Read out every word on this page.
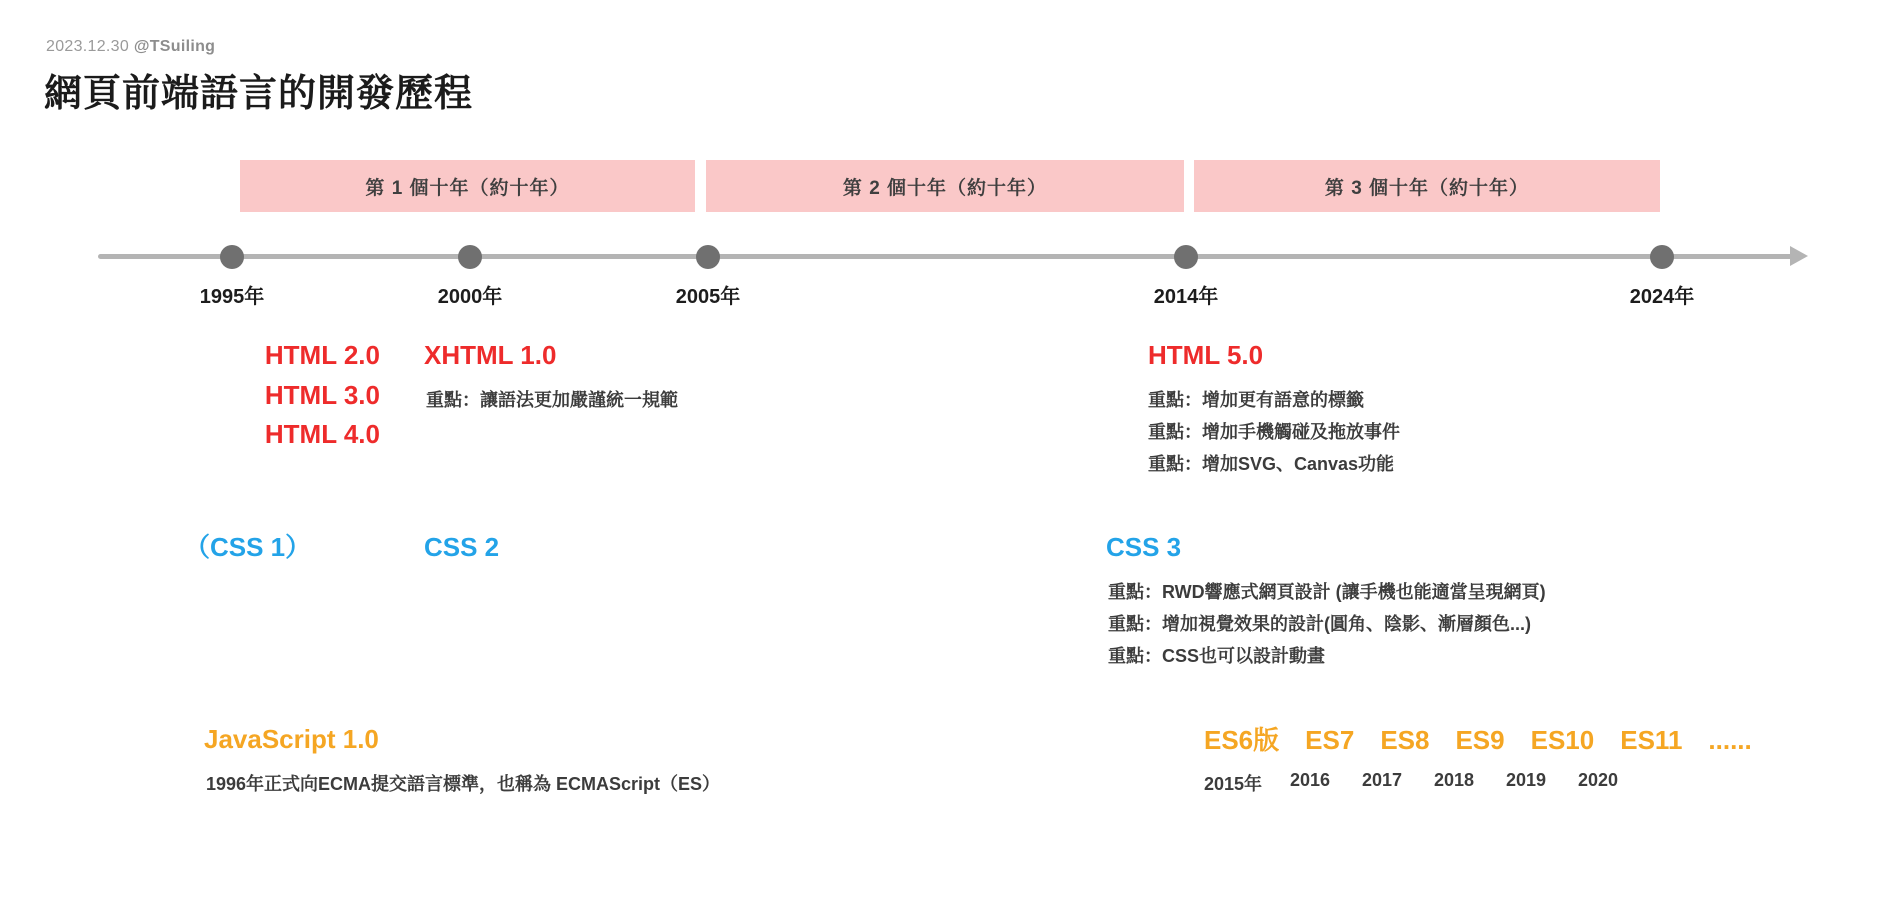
2023.12.30 @TSuiling
網頁前端語言的開發歷程
第 1 個十年（約十年）	第 2 個十年（約十年）	第 3 個十年（約十年）
1995年	2000年	2005年	2014年	2024年
HTML 2.0
HTML 3.0
HTML 4.0
XHTML 1.0
重點：讓語法更加嚴謹統一規範
HTML 5.0
重點：增加更有語意的標籤
重點：增加手機觸碰及拖放事件
重點：增加SVG、Canvas功能
（CSS 1）	CSS 2	CSS 3
重點：RWD響應式網頁設計 (讓手機也能適當呈現網頁)
重點：增加視覺效果的設計(圓角、陰影、漸層顏色...)
重點：CSS也可以設計動畫
JavaScript 1.0
1996年正式向ECMA提交語言標準，也稱為 ECMAScript（ES）
ES6版 ES7 ES8 ES9 ES10 ES11 ......
2015年 2016	2017	2018	2019	2020
